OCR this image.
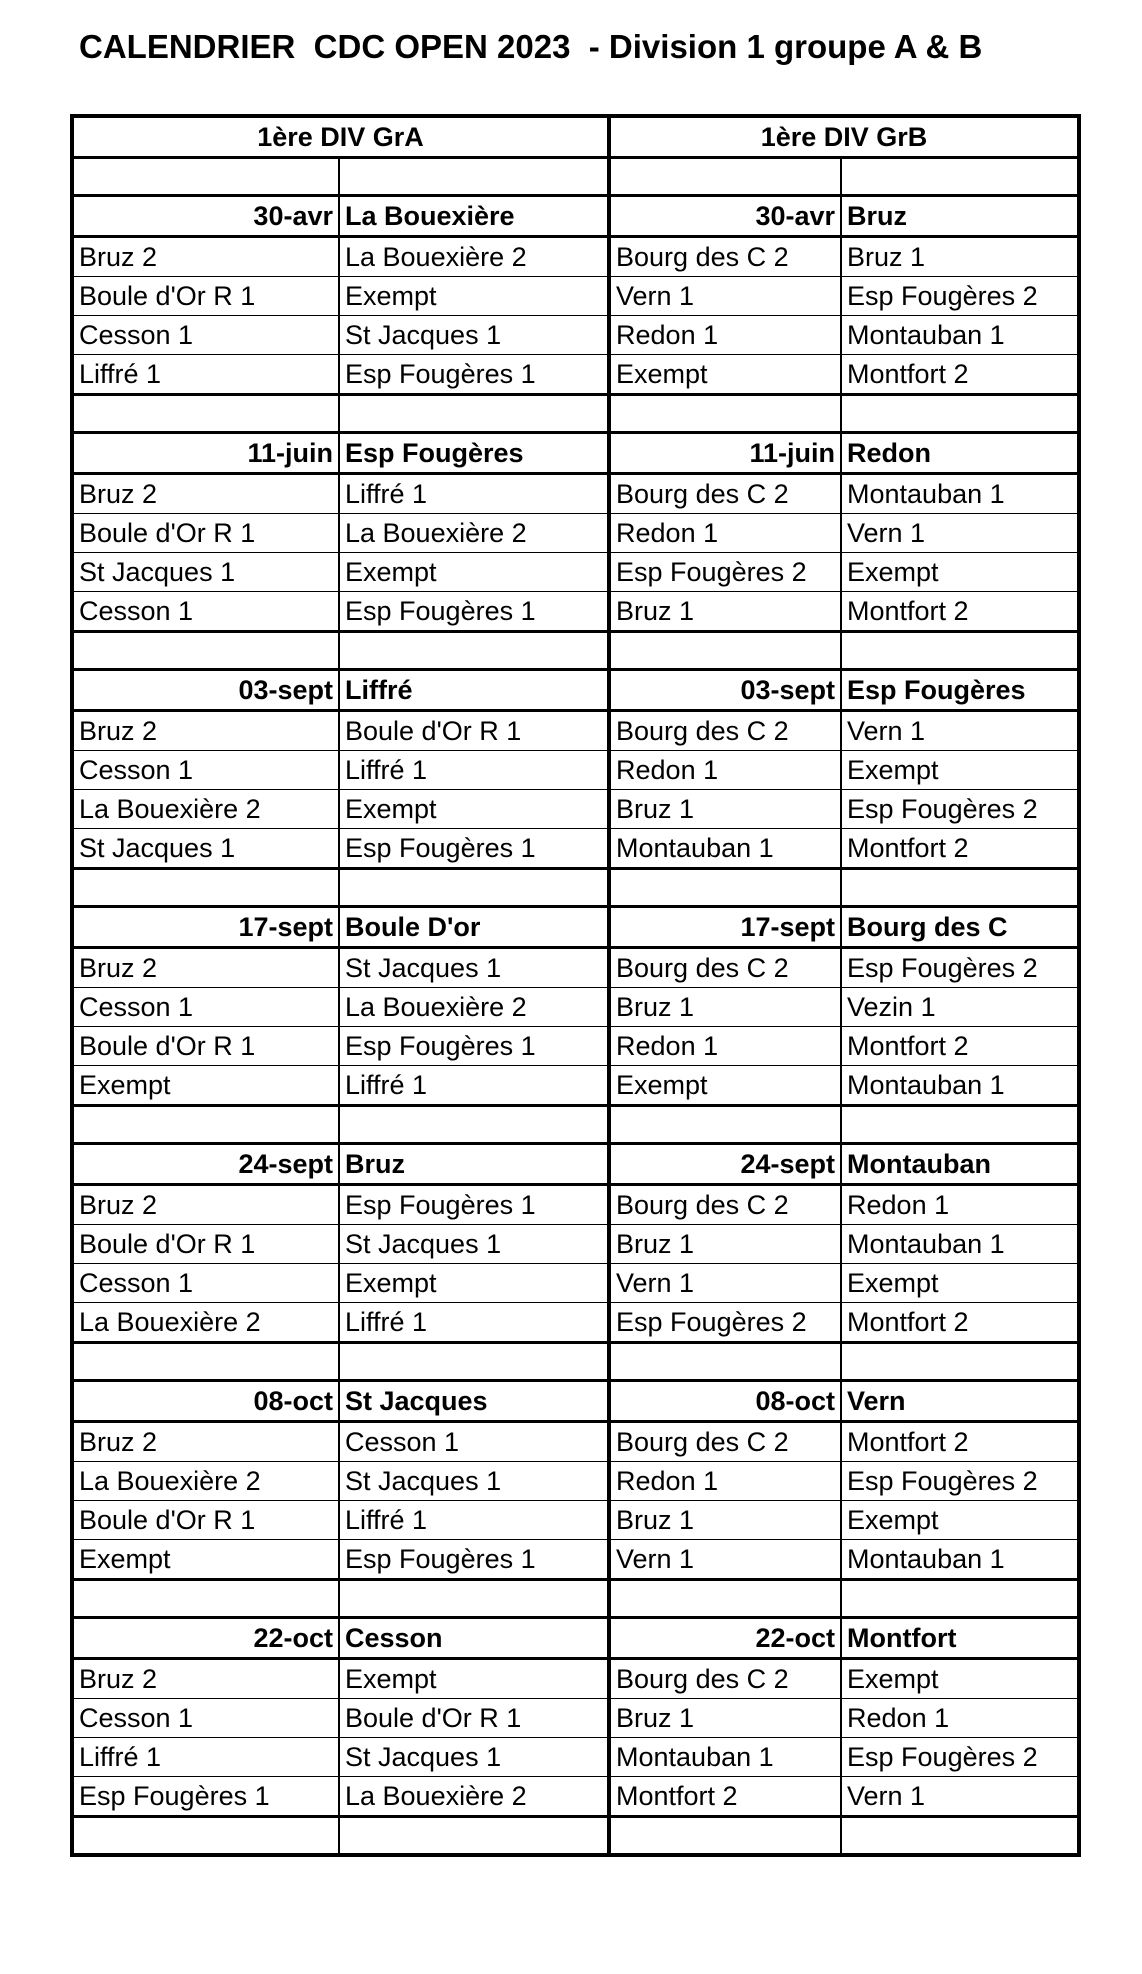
CALENDRIER  CDC OPEN 2023  - Division 1 groupe A & B
1ère DIV GrA		1ère DIV GrB	

30-avr	La Bouexière	30-avr	Bruz
Bruz 2	La Bouexière 2	Bourg des C 2	Bruz 1
Boule d'Or R 1	Exempt	Vern 1	Esp Fougères 2
Cesson 1	St Jacques 1	Redon 1	Montauban 1
Liffré 1	Esp Fougères 1	Exempt	Montfort 2

11-juin	Esp Fougères	11-juin	Redon
Bruz 2	Liffré 1	Bourg des C 2	Montauban 1
Boule d'Or R 1	La Bouexière 2	Redon 1	Vern 1
St Jacques 1	Exempt	Esp Fougères 2	Exempt
Cesson 1	Esp Fougères 1	Bruz 1	Montfort 2

03-sept	Liffré	03-sept	Esp Fougères
Bruz 2	Boule d'Or R 1	Bourg des C 2	Vern 1
Cesson 1	Liffré 1	Redon 1	Exempt
La Bouexière 2	Exempt	Bruz 1	Esp Fougères 2
St Jacques 1	Esp Fougères 1	Montauban 1	Montfort 2

17-sept	Boule D'or	17-sept	Bourg des C
Bruz 2	St Jacques 1	Bourg des C 2	Esp Fougères 2
Cesson 1	La Bouexière 2	Bruz 1	Vezin 1
Boule d'Or R 1	Esp Fougères 1	Redon 1	Montfort 2
Exempt	Liffré 1	Exempt	Montauban 1

24-sept	Bruz	24-sept	Montauban
Bruz 2	Esp Fougères 1	Bourg des C 2	Redon 1
Boule d'Or R 1	St Jacques 1	Bruz 1	Montauban 1
Cesson 1	Exempt	Vern 1	Exempt
La Bouexière 2	Liffré 1	Esp Fougères 2	Montfort 2

08-oct	St Jacques	08-oct	Vern
Bruz 2	Cesson 1	Bourg des C 2	Montfort 2
La Bouexière 2	St Jacques 1	Redon 1	Esp Fougères 2
Boule d'Or R 1	Liffré 1	Bruz 1	Exempt
Exempt	Esp Fougères 1	Vern 1	Montauban 1

22-oct	Cesson	22-oct	Montfort
Bruz 2	Exempt	Bourg des C 2	Exempt
Cesson 1	Boule d'Or R 1	Bruz 1	Redon 1
Liffré 1	St Jacques 1	Montauban 1	Esp Fougères 2
Esp Fougères 1	La Bouexière 2	Montfort 2	Vern 1
